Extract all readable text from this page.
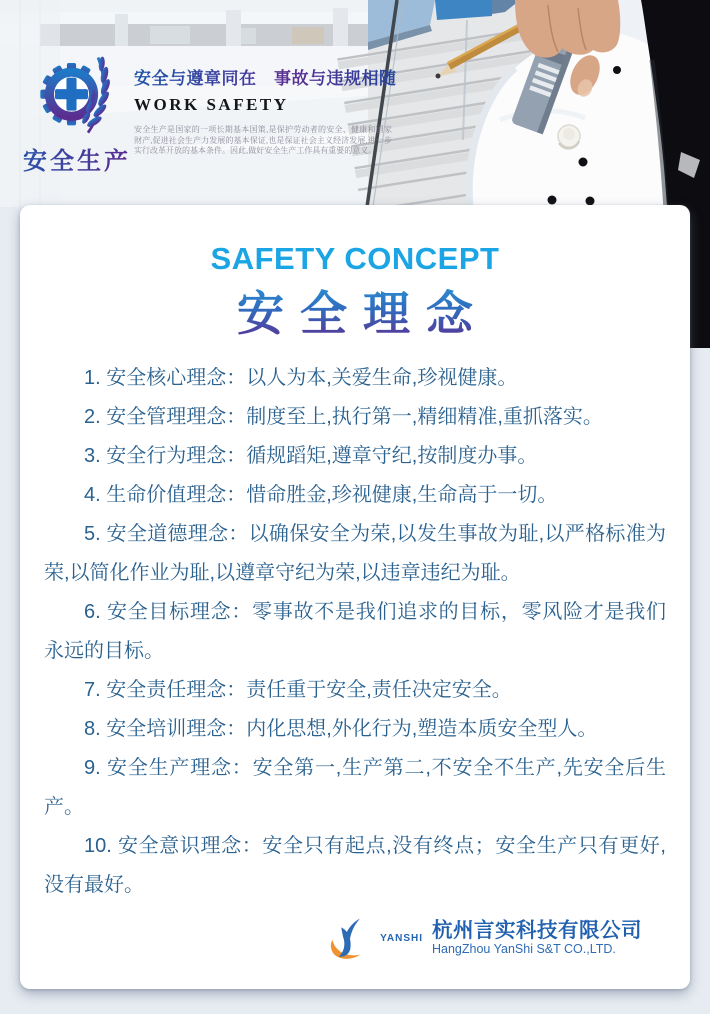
安全生产
安全与遵章同在　事故与违规相随
WORK SAFETY
安全生产是国家的一项长期基本国策,是保护劳动者的安全、健康和国家财产,促进社会生产力发展的基本保证,也是保证社会主义经济发展,进一步实行改革开放的基本条件。因此,做好安全生产工作具有重要的意义。
SAFETY CONCEPT
安全理念

1. 安全核心理念：以人为本,关爱生命,珍视健康。

2. 安全管理理念：制度至上,执行第一,精细精准,重抓落实。

3. 安全行为理念：循规蹈矩,遵章守纪,按制度办事。

4. 生命价值理念：惜命胜金,珍视健康,生命高于一切。

5. 安全道德理念：以确保安全为荣,以发生事故为耻,以严格标准为荣,以简化作业为耻,以遵章守纪为荣,以违章违纪为耻。

6. 安全目标理念：零事故不是我们追求的目标，零风险才是我们永远的目标。

7. 安全责任理念：责任重于安全,责任决定安全。

8. 安全培训理念：内化思想,外化行为,塑造本质安全型人。

9. 安全生产理念：安全第一,生产第二,不安全不生产,先安全后生产。

10. 安全意识理念：安全只有起点,没有终点；安全生产只有更好,没有最好。

YANSHI 杭州言实科技有限公司
HangZhou YanShi S&T CO.,LTD.
